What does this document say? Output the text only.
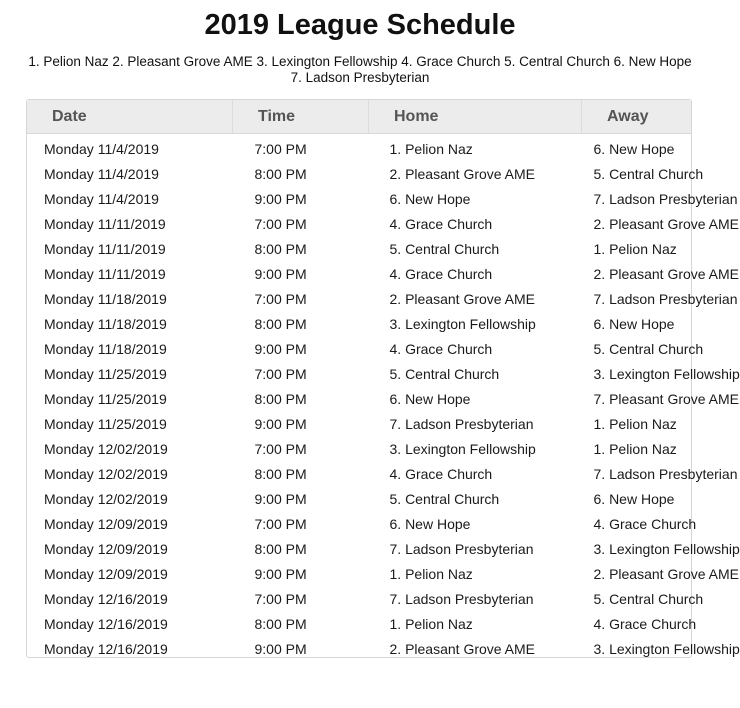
2019 League Schedule
1. Pelion Naz 2. Pleasant Grove AME 3. Lexington Fellowship 4. Grace Church 5. Central Church 6. New Hope 7. Ladson Presbyterian
Date	Time	Home	Away
Monday 11/4/2019	7:00 PM	1. Pelion Naz	6. New Hope
Monday 11/4/2019	8:00 PM	2. Pleasant Grove AME	5. Central Church
Monday 11/4/2019	9:00 PM	6. New Hope	7. Ladson Presbyterian
Monday 11/11/2019	7:00 PM	4. Grace Church	2. Pleasant Grove AME
Monday 11/11/2019	8:00 PM	5. Central Church	1. Pelion Naz
Monday 11/11/2019	9:00 PM	4. Grace Church	2. Pleasant Grove AME
Monday 11/18/2019	7:00 PM	2. Pleasant Grove AME	7. Ladson Presbyterian
Monday 11/18/2019	8:00 PM	3. Lexington Fellowship	6. New Hope
Monday 11/18/2019	9:00 PM	4. Grace Church	5. Central Church
Monday 11/25/2019	7:00 PM	5. Central Church	3. Lexington Fellowship
Monday 11/25/2019	8:00 PM	6. New Hope	7. Pleasant Grove AME
Monday 11/25/2019	9:00 PM	7. Ladson Presbyterian	1. Pelion Naz
Monday 12/02/2019	7:00 PM	3. Lexington Fellowship	1. Pelion Naz
Monday 12/02/2019	8:00 PM	4. Grace Church	7. Ladson Presbyterian
Monday 12/02/2019	9:00 PM	5. Central Church	6. New Hope
Monday 12/09/2019	7:00 PM	6. New Hope	4. Grace Church
Monday 12/09/2019	8:00 PM	7. Ladson Presbyterian	3. Lexington Fellowship
Monday 12/09/2019	9:00 PM	1. Pelion Naz	2. Pleasant Grove AME
Monday 12/16/2019	7:00 PM	7. Ladson Presbyterian	5. Central Church
Monday 12/16/2019	8:00 PM	1. Pelion Naz	4. Grace Church
Monday 12/16/2019	9:00 PM	2. Pleasant Grove AME	3. Lexington Fellowship
